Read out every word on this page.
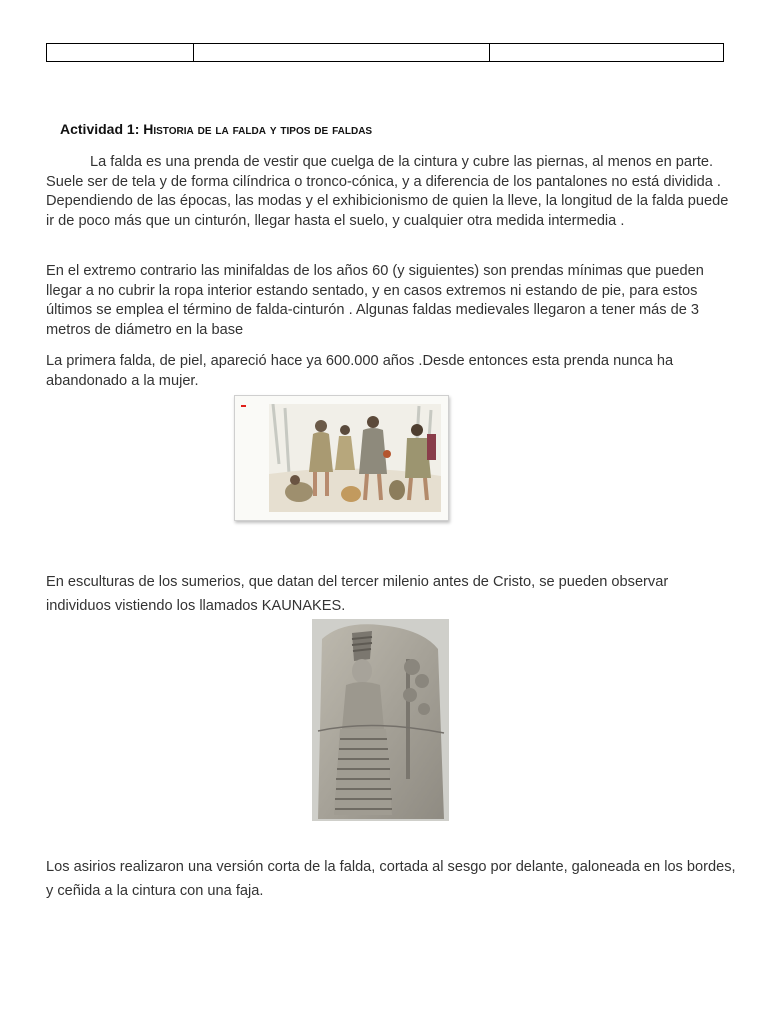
Actividad 1: Historia de la falda y tipos de faldas

La falda es una prenda de vestir que cuelga de la cintura y cubre las piernas, al menos en parte. Suele ser de tela y de forma cilíndrica o tronco-cónica, y a diferencia de los pantalones no está dividida . Dependiendo de las épocas, las modas y el exhibicionismo de quien la lleve, la longitud de la falda puede ir de poco más que un cinturón, llegar hasta el suelo, y cualquier otra medida intermedia .

En el extremo contrario las minifaldas de los años 60 (y siguientes) son prendas mínimas que pueden llegar a no cubrir la ropa interior estando sentado, y en casos extremos ni estando de pie, para estos últimos se emplea el término de falda-cinturón . Algunas faldas medievales llegaron a tener más de 3 metros de diámetro en la base

La primera falda, de piel, apareció hace ya 600.000 años .Desde entonces esta prenda nunca ha abandonado a la mujer.

En esculturas de los sumerios, que datan del tercer milenio antes de Cristo, se pueden observar individuos vistiendo los llamados KAUNAKES.

Los asirios realizaron una versión corta de la falda, cortada al sesgo por delante, galoneada en los bordes, y ceñida a la cintura con una faja.
